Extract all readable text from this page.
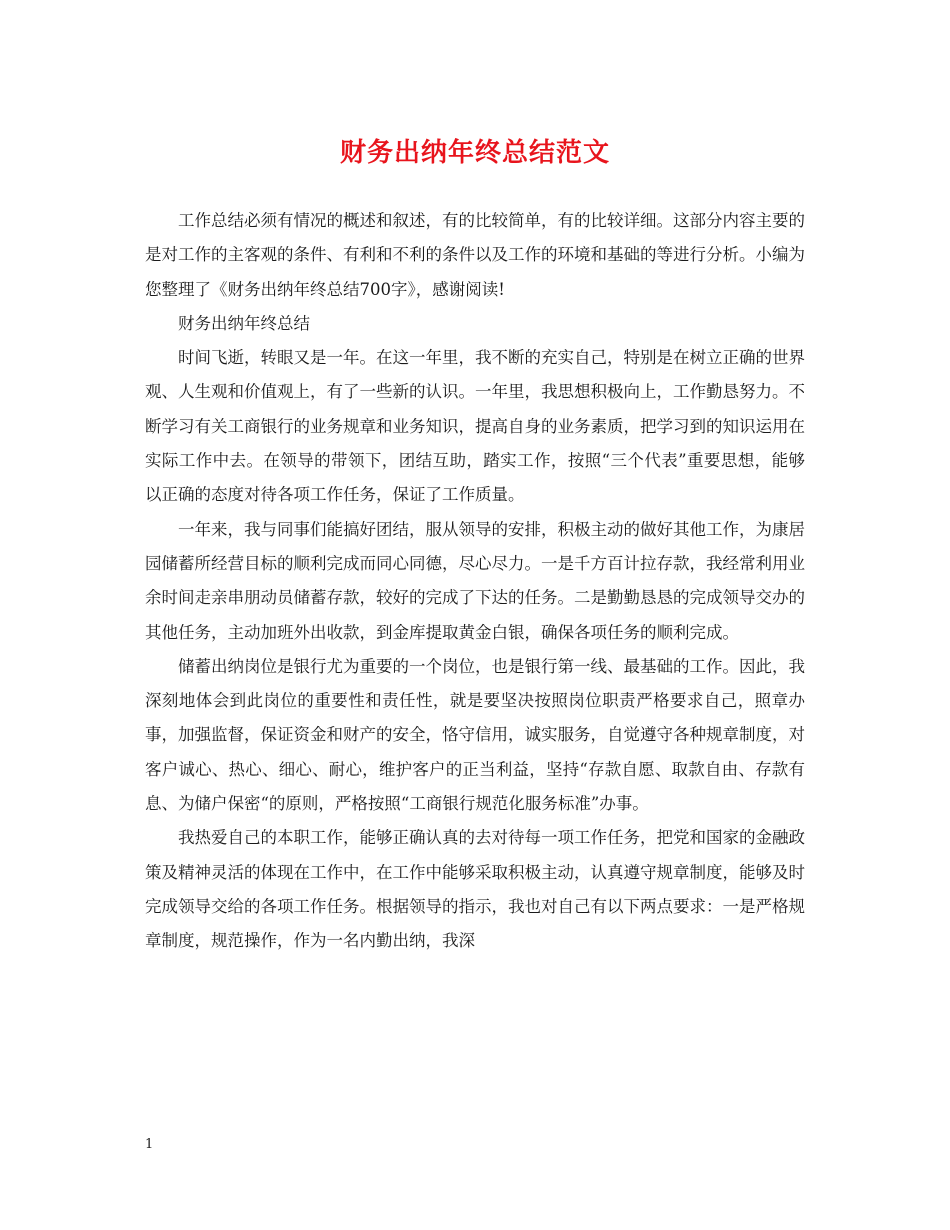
财务出纳年终总结范文

工作总结必须有情况的概述和叙述，有的比较简单，有的比较详细。这部分内容主要的是对工作的主客观的条件、有利和不利的条件以及工作的环境和基础的等进行分析。小编为您整理了《财务出纳年终总结700字》，感谢阅读!

财务出纳年终总结

时间飞逝，转眼又是一年。在这一年里，我不断的充实自己，特别是在树立正确的世界观、人生观和价值观上，有了一些新的认识。一年里，我思想积极向上，工作勤恳努力。不断学习有关工商银行的业务规章和业务知识，提高自身的业务素质，把学习到的知识运用在实际工作中去。在领导的带领下，团结互助，踏实工作，按照“三个代表”重要思想，能够以正确的态度对待各项工作任务，保证了工作质量。

一年来，我与同事们能搞好团结，服从领导的安排，积极主动的做好其他工作，为康居园储蓄所经营目标的顺利完成而同心同德，尽心尽力。一是千方百计拉存款，我经常利用业余时间走亲串朋动员储蓄存款，较好的完成了下达的任务。二是勤勤恳恳的完成领导交办的其他任务，主动加班外出收款，到金库提取黄金白银，确保各项任务的顺利完成。

储蓄出纳岗位是银行尤为重要的一个岗位，也是银行第一线、最基础的工作。因此，我深刻地体会到此岗位的重要性和责任性，就是要坚决按照岗位职责严格要求自己，照章办事，加强监督，保证资金和财产的安全，恪守信用，诚实服务，自觉遵守各种规章制度，对客户诚心、热心、细心、耐心，维护客户的正当利益，坚持“存款自愿、取款自由、存款有息、为储户保密“的原则，严格按照“工商银行规范化服务标准”办事。

我热爱自己的本职工作，能够正确认真的去对待每一项工作任务，把党和国家的金融政策及精神灵活的体现在工作中，在工作中能够采取积极主动，认真遵守规章制度，能够及时完成领导交给的各项工作任务。根据领导的指示，我也对自己有以下两点要求：一是严格规章制度，规范操作，作为一名内勤出纳，我深

1
